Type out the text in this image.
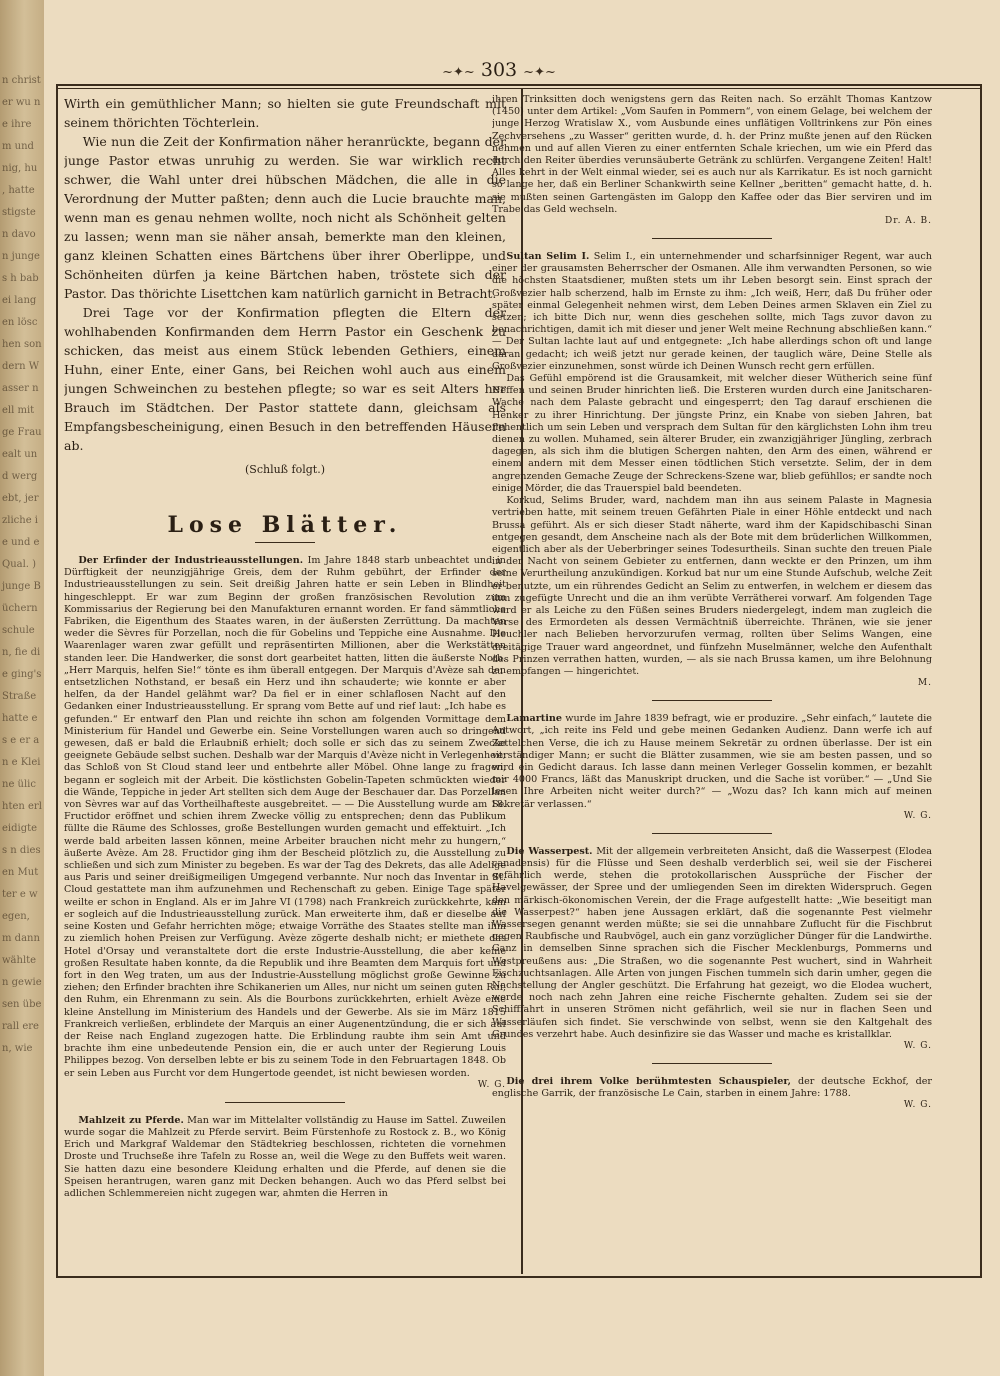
n christ er wu ne ihre m und nig, hu , hatte stigsten davon junges h babei langen löschen sondern Wasser nell mit ge Frau ealt und wergebt, jerzliche ie und e Qual. ) junge Büchern schulen, fie die ging's Straße hatte es e er an e Kleine ülichten erleidigtes n diesen Mutter e wegen, m dann wählten gewiesen überall eren, wie
~✦~ 303 ~✦~

Wirth ein gemüthlicher Mann; so hielten sie gute Freundschaft mit seinem thörichten Töchterlein.

Wie nun die Zeit der Konfirmation näher heranrückte, begann der junge Pastor etwas unruhig zu werden. Sie war wirklich recht schwer, die Wahl unter drei hübschen Mädchen, die alle in die Verordnung der Mutter paßten; denn auch die Lucie brauchte man, wenn man es genau nehmen wollte, noch nicht als Schönheit gelten zu lassen; wenn man sie näher ansah, bemerkte man den kleinen, ganz kleinen Schatten eines Bärtchens über ihrer Oberlippe, und Schönheiten dürfen ja keine Bärtchen haben, tröstete sich der Pastor. Das thörichte Lisettchen kam natürlich garnicht in Betracht.

Drei Tage vor der Konfirmation pflegten die Eltern der wohlhabenden Konfirmanden dem Herrn Pastor ein Geschenk zu schicken, das meist aus einem Stück lebenden Gethiers, einem Huhn, einer Ente, einer Gans, bei Reichen wohl auch aus einem jungen Schweinchen zu bestehen pflegte; so war es seit Alters her Brauch im Städtchen. Der Pastor stattete dann, gleichsam als Empfangsbescheinigung, einen Besuch in den betreffenden Häusern ab.

(Schluß folgt.)
Lose Blätter.

Der Erfinder der Industrieausstellungen. Im Jahre 1848 starb unbeachtet und in Dürftigkeit der neunzigjährige Greis, dem der Ruhm gebührt, der Erfinder der Industrieausstellungen zu sein. Seit dreißig Jahren hatte er sein Leben in Blindheit hingeschleppt. Er war zum Beginn der großen französischen Revolution zum Kommissarius der Regierung bei den Manufakturen ernannt worden. Er fand sämmtliche Fabriken, die Eigenthum des Staates waren, in der äußersten Zerrüttung. Da machten weder die Sèvres für Porzellan, noch die für Gobelins und Teppiche eine Ausnahme. Die Waarenlager waren zwar gefüllt und repräsentirten Millionen, aber die Werkstätten standen leer. Die Handwerker, die sonst dort gearbeitet hatten, litten die äußerste Noth. „Herr Marquis, helfen Sie!“ tönte es ihm überall entgegen. Der Marquis d'Avèze sah den entsetzlichen Nothstand, er besaß ein Herz und ihn schauderte; wie konnte er aber helfen, da der Handel gelähmt war? Da fiel er in einer schlaflosen Nacht auf den Gedanken einer Industrieausstellung. Er sprang vom Bette auf und rief laut: „Ich habe es gefunden.“ Er entwarf den Plan und reichte ihn schon am folgenden Vormittage dem Ministerium für Handel und Gewerbe ein. Seine Vorstellungen waren auch so dringend gewesen, daß er bald die Erlaubniß erhielt; doch solle er sich das zu seinem Zwecke geeignete Gebäude selbst suchen. Deshalb war der Marquis d'Avèze nicht in Verlegenheit; das Schloß von St Cloud stand leer und entbehrte aller Möbel. Ohne lange zu fragen, begann er sogleich mit der Arbeit. Die köstlichsten Gobelin-Tapeten schmückten wieder die Wände, Teppiche in jeder Art stellten sich dem Auge der Beschauer dar. Das Porzellan von Sèvres war auf das Vortheilhafteste ausgebreitet. — — Die Ausstellung wurde am 18. Fructidor eröffnet und schien ihrem Zwecke völlig zu entsprechen; denn das Publikum füllte die Räume des Schlosses, große Bestellungen wurden gemacht und effektuirt. „Ich werde bald arbeiten lassen können, meine Arbeiter brauchen nicht mehr zu hungern,“ äußerte Avèze. Am 28. Fructidor ging ihm der Bescheid plötzlich zu, die Ausstellung zu schließen und sich zum Minister zu begeben. Es war der Tag des Dekrets, das alle Adelige aus Paris und seiner dreißigmeiligen Umgegend verbannte. Nur noch das Inventar in St. Cloud gestattete man ihm aufzunehmen und Rechenschaft zu geben. Einige Tage später weilte er schon in England. Als er im Jahre VI (1798) nach Frankreich zurückkehrte, kam er sogleich auf die Industrieausstellung zurück. Man erweiterte ihm, daß er dieselbe auf seine Kosten und Gefahr herrichten möge; etwaige Vorräthe des Staates stellte man ihm zu ziemlich hohen Preisen zur Verfügung. Avèze zögerte deshalb nicht; er miethete das Hotel d'Orsay und veranstaltete dort die erste Industrie-Ausstellung, die aber keine großen Resultate haben konnte, da die Republik und ihre Beamten dem Marquis fort und fort in den Weg traten, um aus der Industrie-Ausstellung möglichst große Gewinne zu ziehen; den Erfinder brachten ihre Schikanerien um Alles, nur nicht um seinen guten Ruf, den Ruhm, ein Ehrenmann zu sein. Als die Bourbons zurückkehrten, erhielt Avèze eine kleine Anstellung im Ministerium des Handels und der Gewerbe. Als sie im März 1815 Frankreich verließen, erblindete der Marquis an einer Augenentzündung, die er sich auf der Reise nach England zugezogen hatte. Die Erblindung raubte ihm sein Amt und brachte ihm eine unbedeutende Pension ein, die er auch unter der Regierung Louis Philippes bezog. Von derselben lebte er bis zu seinem Tode in den Februartagen 1848. Ob er sein Leben aus Furcht vor dem Hungertode geendet, ist nicht bewiesen worden.

W. G.

Mahlzeit zu Pferde. Man war im Mittelalter vollständig zu Hause im Sattel. Zuweilen wurde sogar die Mahlzeit zu Pferde servirt. Beim Fürstenhofe zu Rostock z. B., wo König Erich und Markgraf Waldemar den Städtekrieg beschlossen, richteten die vornehmen Droste und Truchseße ihre Tafeln zu Rosse an, weil die Wege zu den Buffets weit waren. Sie hatten dazu eine besondere Kleidung erhalten und die Pferde, auf denen sie die Speisen herantrugen, waren ganz mit Decken behangen. Auch wo das Pferd selbst bei adlichen Schlemmereien nicht zugegen war, ahmten die Herren in

ihren Trinksitten doch wenigstens gern das Reiten nach. So erzählt Thomas Kantzow (1450) unter dem Artikel: „Vom Saufen in Pommern“, von einem Gelage, bei welchem der junge Herzog Wratislaw X., vom Ausbunde eines unflätigen Volltrinkens zur Pön eines Zechversehens „zu Wasser“ geritten wurde, d. h. der Prinz mußte jenen auf den Rücken nehmen und auf allen Vieren zu einer entfernten Schale kriechen, um wie ein Pferd das durch den Reiter überdies verunsäuberte Getränk zu schlürfen. Vergangene Zeiten! Halt! Alles kehrt in der Welt einmal wieder, sei es auch nur als Karrikatur. Es ist noch garnicht so lange her, daß ein Berliner Schankwirth seine Kellner „beritten“ gemacht hatte, d. h. sie mußten seinen Gartengästen im Galopp den Kaffee oder das Bier serviren und im Trabe das Geld wechseln.

Dr. A. B.

Sultan Selim I. Selim I., ein unternehmender und scharfsinniger Regent, war auch einer der grausamsten Beherrscher der Osmanen. Alle ihm verwandten Personen, so wie die höchsten Staatsdiener, mußten stets um ihr Leben besorgt sein. Einst sprach der Großvezier halb scherzend, halb im Ernste zu ihm: „Ich weiß, Herr, daß Du früher oder später einmal Gelegenheit nehmen wirst, dem Leben Deines armen Sklaven ein Ziel zu setzen; ich bitte Dich nur, wenn dies geschehen sollte, mich Tags zuvor davon zu benachrichtigen, damit ich mit dieser und jener Welt meine Rechnung abschließen kann.“ — Der Sultan lachte laut auf und entgegnete: „Ich habe allerdings schon oft und lange daran gedacht; ich weiß jetzt nur gerade keinen, der tauglich wäre, Deine Stelle als Großvezier einzunehmen, sonst würde ich Deinen Wunsch recht gern erfüllen.

Das Gefühl empörend ist die Grausamkeit, mit welcher dieser Wütherich seine fünf Neffen und seinen Bruder hinrichten ließ. Die Ersteren wurden durch eine Janitscharen-Wache nach dem Palaste gebracht und eingesperrt; den Tag darauf erschienen die Henker zu ihrer Hinrichtung. Der jüngste Prinz, ein Knabe von sieben Jahren, bat flehentlich um sein Leben und versprach dem Sultan für den kärglichsten Lohn ihm treu dienen zu wollen. Muhamed, sein älterer Bruder, ein zwanzigjähriger Jüngling, zerbrach dagegen, als sich ihm die blutigen Schergen nahten, den Arm des einen, während er einem andern mit dem Messer einen tödtlichen Stich versetzte. Selim, der in dem angrenzenden Gemache Zeuge der Schreckens-Szene war, blieb gefühllos; er sandte noch einige Mörder, die das Trauerspiel bald beendeten.

Korkud, Selims Bruder, ward, nachdem man ihn aus seinem Palaste in Magnesia vertrieben hatte, mit seinem treuen Gefährten Piale in einer Höhle entdeckt und nach Brussa geführt. Als er sich dieser Stadt näherte, ward ihm der Kapidschibaschi Sinan entgegen gesandt, dem Anscheine nach als der Bote mit dem brüderlichen Willkommen, eigentlich aber als der Ueberbringer seines Todesurtheils. Sinan suchte den treuen Piale in der Nacht von seinem Gebieter zu entfernen, dann weckte er den Prinzen, um ihm seine Verurtheilung anzukündigen. Korkud bat nur um eine Stunde Aufschub, welche Zeit er benutzte, um ein rührendes Gedicht an Selim zu entwerfen, in welchem er diesem das ihm zugefügte Unrecht und die an ihm verübte Verrätherei vorwarf. Am folgenden Tage ward er als Leiche zu den Füßen seines Bruders niedergelegt, indem man zugleich die Verse des Ermordeten als dessen Vermächtniß überreichte. Thränen, wie sie jener Heuchler nach Belieben hervorzurufen vermag, rollten über Selims Wangen, eine dreitägige Trauer ward angeordnet, und fünfzehn Muselmänner, welche den Aufenthalt des Prinzen verrathen hatten, wurden, — als sie nach Brussa kamen, um ihre Belohnung zu empfangen — hingerichtet.

M.

Lamartine wurde im Jahre 1839 befragt, wie er produzire. „Sehr einfach,“ lautete die Antwort, „ich reite ins Feld und gebe meinen Gedanken Audienz. Dann werfe ich auf Zettelchen Verse, die ich zu Hause meinem Sekretär zu ordnen überlasse. Der ist ein verständiger Mann; er sucht die Blätter zusammen, wie sie am besten passen, und so wird ein Gedicht daraus. Ich lasse dann meinen Verleger Gosselin kommen, er bezahlt mir 4000 Francs, läßt das Manuskript drucken, und die Sache ist vorüber.“ — „Und Sie lesen Ihre Arbeiten nicht weiter durch?“ — „Wozu das? Ich kann mich auf meinen Sekretär verlassen.“

W. G.

Die Wasserpest. Mit der allgemein verbreiteten Ansicht, daß die Wasserpest (Elodea canadensis) für die Flüsse und Seen deshalb verderblich sei, weil sie der Fischerei gefährlich werde, stehen die protokollarischen Aussprüche der Fischer der Havelgewässer, der Spree und der umliegenden Seen im direkten Widerspruch. Gegen den märkisch-ökonomischen Verein, der die Frage aufgestellt hatte: „Wie beseitigt man die Wasserpest?“ haben jene Aussagen erklärt, daß die sogenannte Pest vielmehr Wassersegen genannt werden müßte; sie sei die unnahbare Zuflucht für die Fischbrut gegen Raubfische und Raubvögel, auch ein ganz vorzüglicher Dünger für die Landwirthe. Ganz in demselben Sinne sprachen sich die Fischer Mecklenburgs, Pommerns und Westpreußens aus: „Die Straßen, wo die sogenannte Pest wuchert, sind in Wahrheit Fischzuchtsanlagen. Alle Arten von jungen Fischen tummeln sich darin umher, gegen die Nachstellung der Angler geschützt. Die Erfahrung hat gezeigt, wo die Elodea wuchert, werde noch nach zehn Jahren eine reiche Fischernte gehalten. Zudem sei sie der Schifffahrt in unseren Strömen nicht gefährlich, weil sie nur in flachen Seen und Wasserläufen sich findet. Sie verschwinde von selbst, wenn sie den Kaltgehalt des Grundes verzehrt habe. Auch desinfizire sie das Wasser und mache es kristallklar.

W. G.

Die drei ihrem Volke berühmtesten Schauspieler, der deutsche Eckhof, der englische Garrik, der französische Le Cain, starben in einem Jahre: 1788.

W. G.
